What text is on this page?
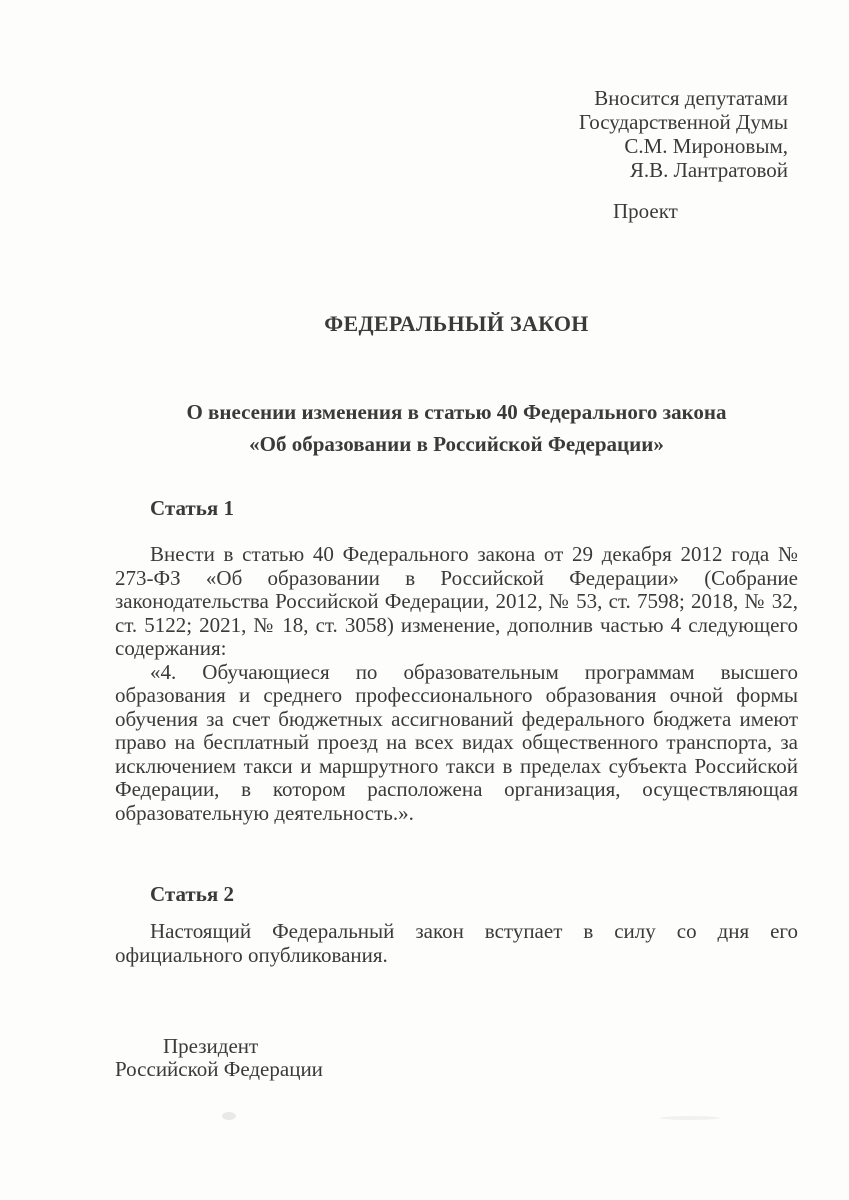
Вносится депутатами
Государственной Думы
С.М. Мироновым,
Я.В. Лантратовой
Проект
ФЕДЕРАЛЬНЫЙ ЗАКОН
О внесении изменения в статью 40 Федерального закона
«Об образовании в Российской Федерации»
Статья 1

Внести в статью 40 Федерального закона от 29 декабря 2012 года № 273-ФЗ «Об образовании в Российской Федерации» (Собрание законодательства Российской Федерации, 2012, № 53, ст. 7598; 2018, № 32, ст. 5122; 2021, № 18, ст. 3058) изменение, дополнив частью 4 следующего содержания:

«4. Обучающиеся по образовательным программам высшего образования и среднего профессионального образования очной формы обучения за счет бюджетных ассигнований федерального бюджета имеют право на бесплатный проезд на всех видах общественного транспорта, за исключением такси и маршрутного такси в пределах субъекта Российской Федерации, в котором расположена организация, осуществляющая образовательную деятельность.».

Статья 2

Настоящий Федеральный закон вступает в силу со дня его официального опубликования.

Президент

Российской Федерации
